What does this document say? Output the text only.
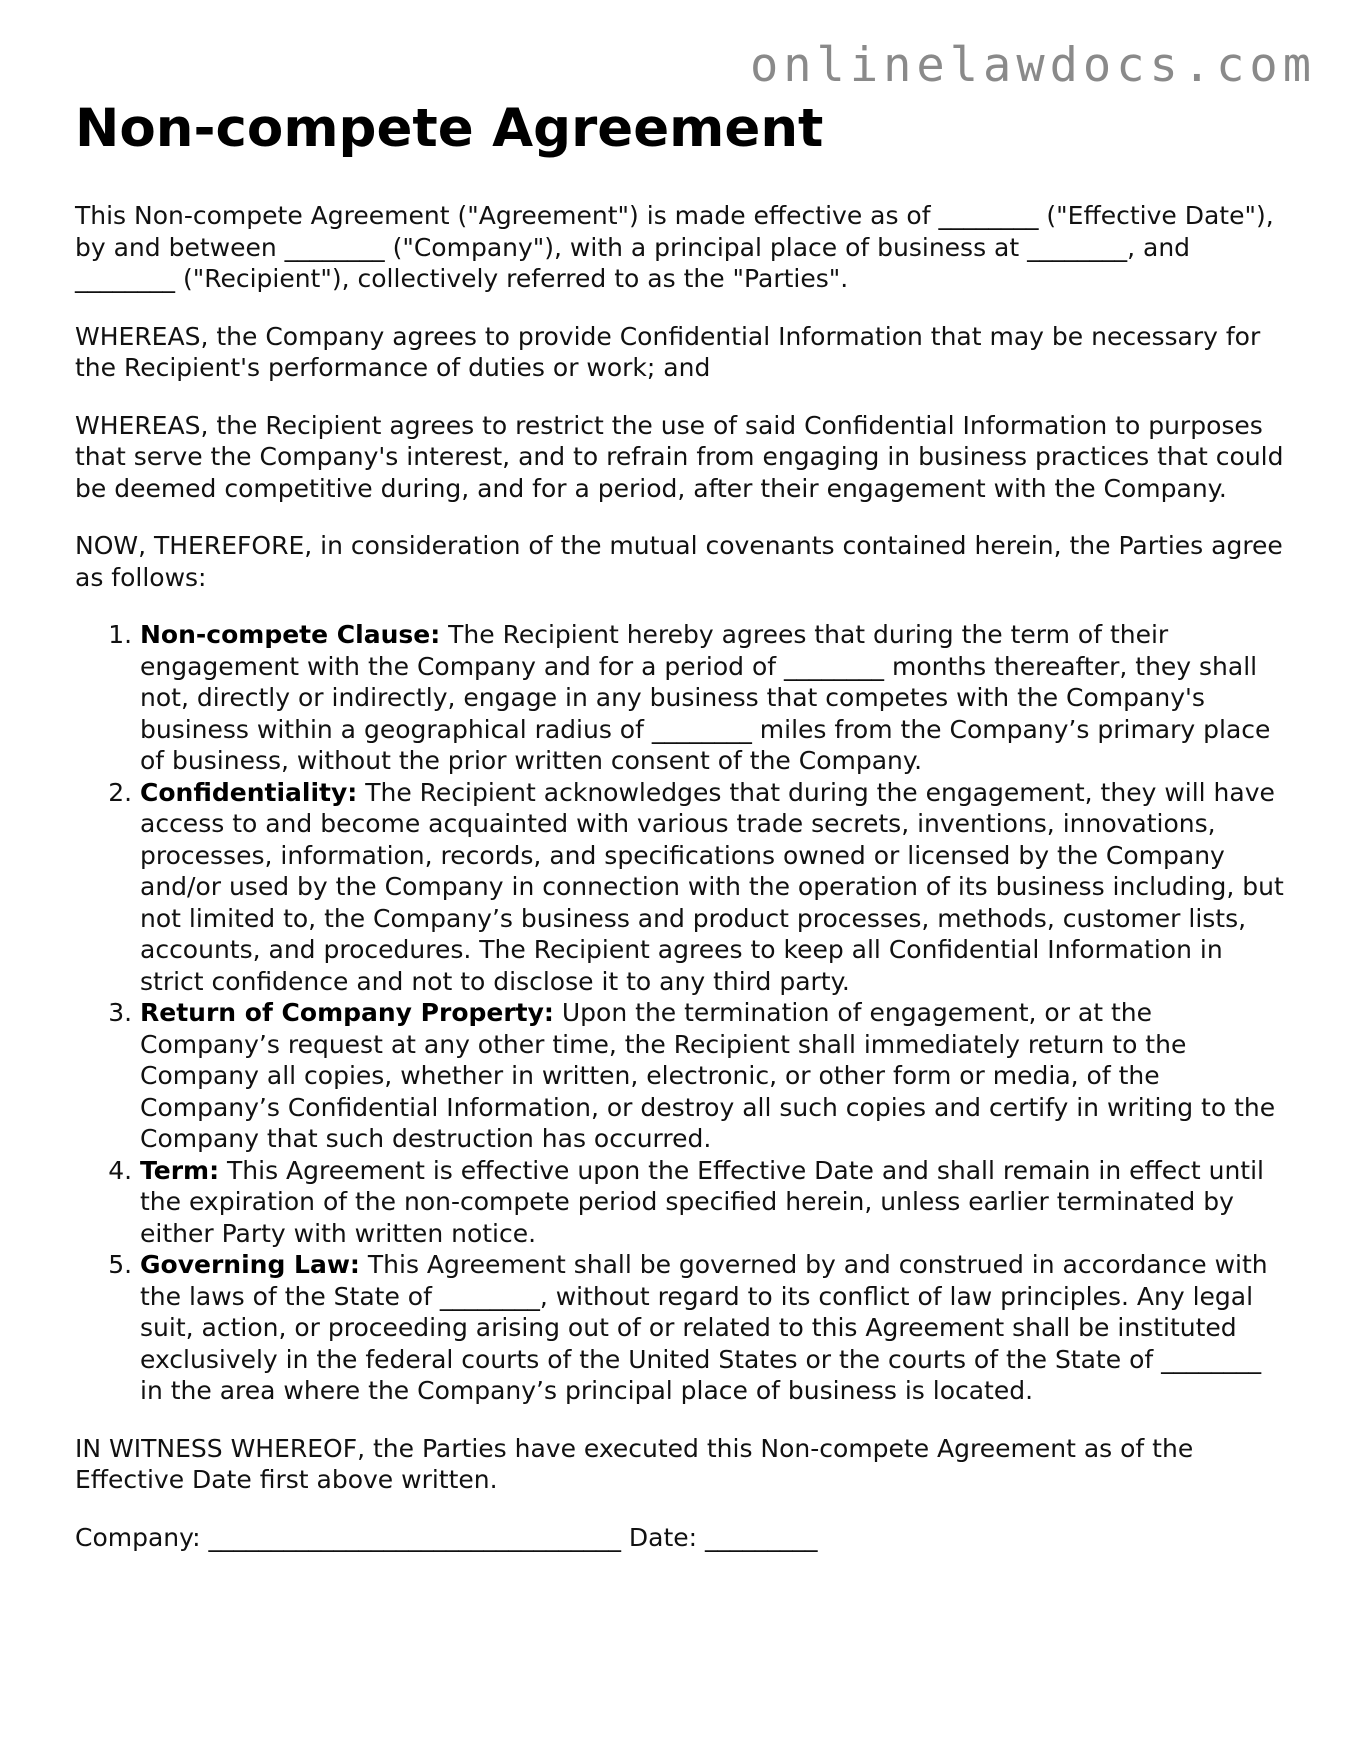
onlinelawdocs.com
Non-compete Agreement

This Non-compete Agreement ("Agreement") is made effective as of ________ ("Effective Date"), by and between ________ ("Company"), with a principal place of business at ________, and ________ ("Recipient"), collectively referred to as the "Parties".

WHEREAS, the Company agrees to provide Confidential Information that may be necessary for the Recipient's performance of duties or work; and

WHEREAS, the Recipient agrees to restrict the use of said Confidential Information to purposes that serve the Company's interest, and to refrain from engaging in business practices that could be deemed competitive during, and for a period, after their engagement with the Company.

NOW, THEREFORE, in consideration of the mutual covenants contained herein, the Parties agree as follows:

1. Non-compete Clause: The Recipient hereby agrees that during the term of their engagement with the Company and for a period of ________ months thereafter, they shall not, directly or indirectly, engage in any business that competes with the Company's business within a geographical radius of ________ miles from the Company’s primary place of business, without the prior written consent of the Company.
2. Confidentiality: The Recipient acknowledges that during the engagement, they will have access to and become acquainted with various trade secrets, inventions, innovations, processes, information, records, and specifications owned or licensed by the Company and/or used by the Company in connection with the operation of its business including, but not limited to, the Company’s business and product processes, methods, customer lists, accounts, and procedures. The Recipient agrees to keep all Confidential Information in strict confidence and not to disclose it to any third party.
3. Return of Company Property: Upon the termination of engagement, or at the Company’s request at any other time, the Recipient shall immediately return to the Company all copies, whether in written, electronic, or other form or media, of the Company’s Confidential Information, or destroy all such copies and certify in writing to the Company that such destruction has occurred.
4. Term: This Agreement is effective upon the Effective Date and shall remain in effect until the expiration of the non-compete period specified herein, unless earlier terminated by either Party with written notice.
5. Governing Law: This Agreement shall be governed by and construed in accordance with the laws of the State of ________, without regard to its conflict of law principles. Any legal suit, action, or proceeding arising out of or related to this Agreement shall be instituted exclusively in the federal courts of the United States or the courts of the State of ________ in the area where the Company’s principal place of business is located.

IN WITNESS WHEREOF, the Parties have executed this Non-compete Agreement as of the Effective Date first above written.

Company: _________________________________ Date: _________
